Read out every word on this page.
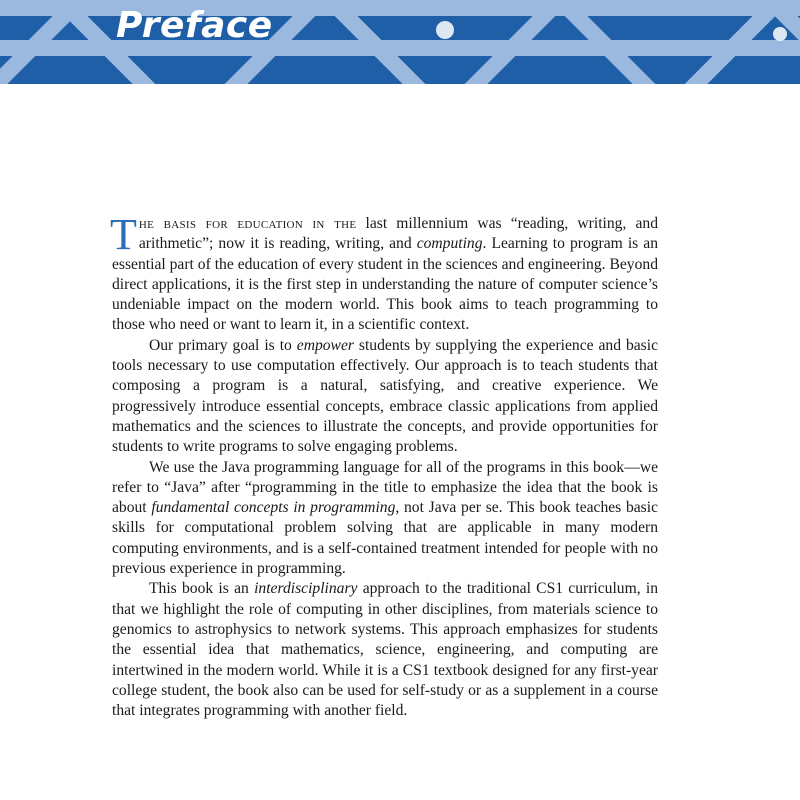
Preface

The basis for education in the last millennium was “reading, writing, and arithmetic”; now it is reading, writing, and computing. Learning to program is an essential part of the education of every student in the sciences and engineering. Beyond direct applications, it is the first step in understanding the nature of computer science’s undeniable impact on the modern world. This book aims to teach programming to those who need or want to learn it, in a scientific context.

Our primary goal is to empower students by supplying the experience and basic tools necessary to use computation effectively. Our approach is to teach students that composing a program is a natural, satisfying, and creative experience. We progressively introduce essential concepts, embrace classic applications from applied mathematics and the sciences to illustrate the concepts, and provide opportunities for students to write programs to solve engaging problems.

We use the Java programming language for all of the programs in this book—we refer to “Java” after “programming in the title to emphasize the idea that the book is about fundamental concepts in programming, not Java per se. This book teaches basic skills for computational problem solving that are applicable in many modern computing environments, and is a self-contained treatment intended for people with no previous experience in programming.

This book is an interdisciplinary approach to the traditional CS1 curriculum, in that we highlight the role of computing in other disciplines, from materials science to genomics to astrophysics to network systems. This approach emphasizes for students the essential idea that mathematics, science, engineering, and computing are intertwined in the modern world. While it is a CS1 textbook designed for any first-year college student, the book also can be used for self-study or as a supplement in a course that integrates programming with another field.
